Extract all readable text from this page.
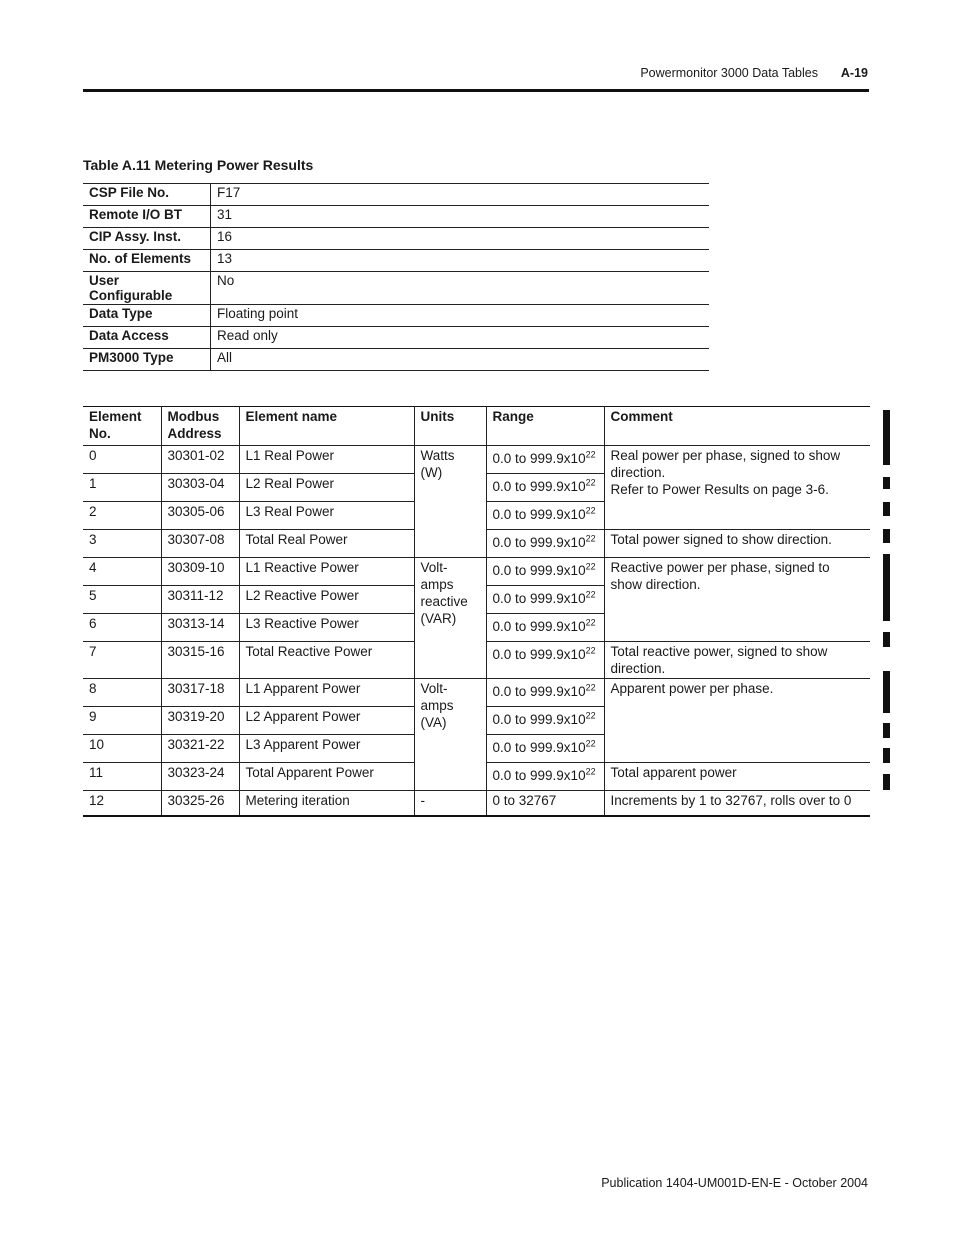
Powermonitor 3000 Data Tables A-19
Table A.11 Metering Power Results
CSP File No.	F17
Remote I/O BT	31
CIP Assy. Inst.	16
No. of Elements	13
User Configurable	No
Data Type	Floating point
Data Access	Read only
PM3000 Type	All
Element No.	Modbus Address	Element name	Units	Range	Comment
0	30301-02	L1 Real Power	Watts (W)	0.0 to $999.9x10^{22}$	Real power per phase, signed to show direction.
Refer to Power Results on page 3-6.
1	30303-04	L2 Real Power		0.0 to $999.9x10^{22}$
2	30305-06	L3 Real Power		0.0 to $999.9x10^{22}$
3	30307-08	Total Real Power		0.0 to $999.9x10^{22}$	Total power signed to show direction.
4	30309-10	L1 Reactive Power	Volt-amps reactive (VAR)	0.0 to $999.9x10^{22}$	Reactive power per phase, signed to show direction.
5	30311-12	L2 Reactive Power		0.0 to $999.9x10^{22}$
6	30313-14	L3 Reactive Power		0.0 to $999.9x10^{22}$
7	30315-16	Total Reactive Power		0.0 to $999.9x10^{22}$	Total reactive power, signed to show direction.
8	30317-18	L1 Apparent Power	Volt-amps (VA)	0.0 to $999.9x10^{22}$	Apparent power per phase.
9	30319-20	L2 Apparent Power		0.0 to $999.9x10^{22}$
10	30321-22	L3 Apparent Power		0.0 to $999.9x10^{22}$
11	30323-24	Total Apparent Power		0.0 to $999.9x10^{22}$	Total apparent power
12	30325-26	Metering iteration	-	0 to 32767	Increments by 1 to 32767, rolls over to 0
Publication 1404-UM001D-EN-E - October 2004
